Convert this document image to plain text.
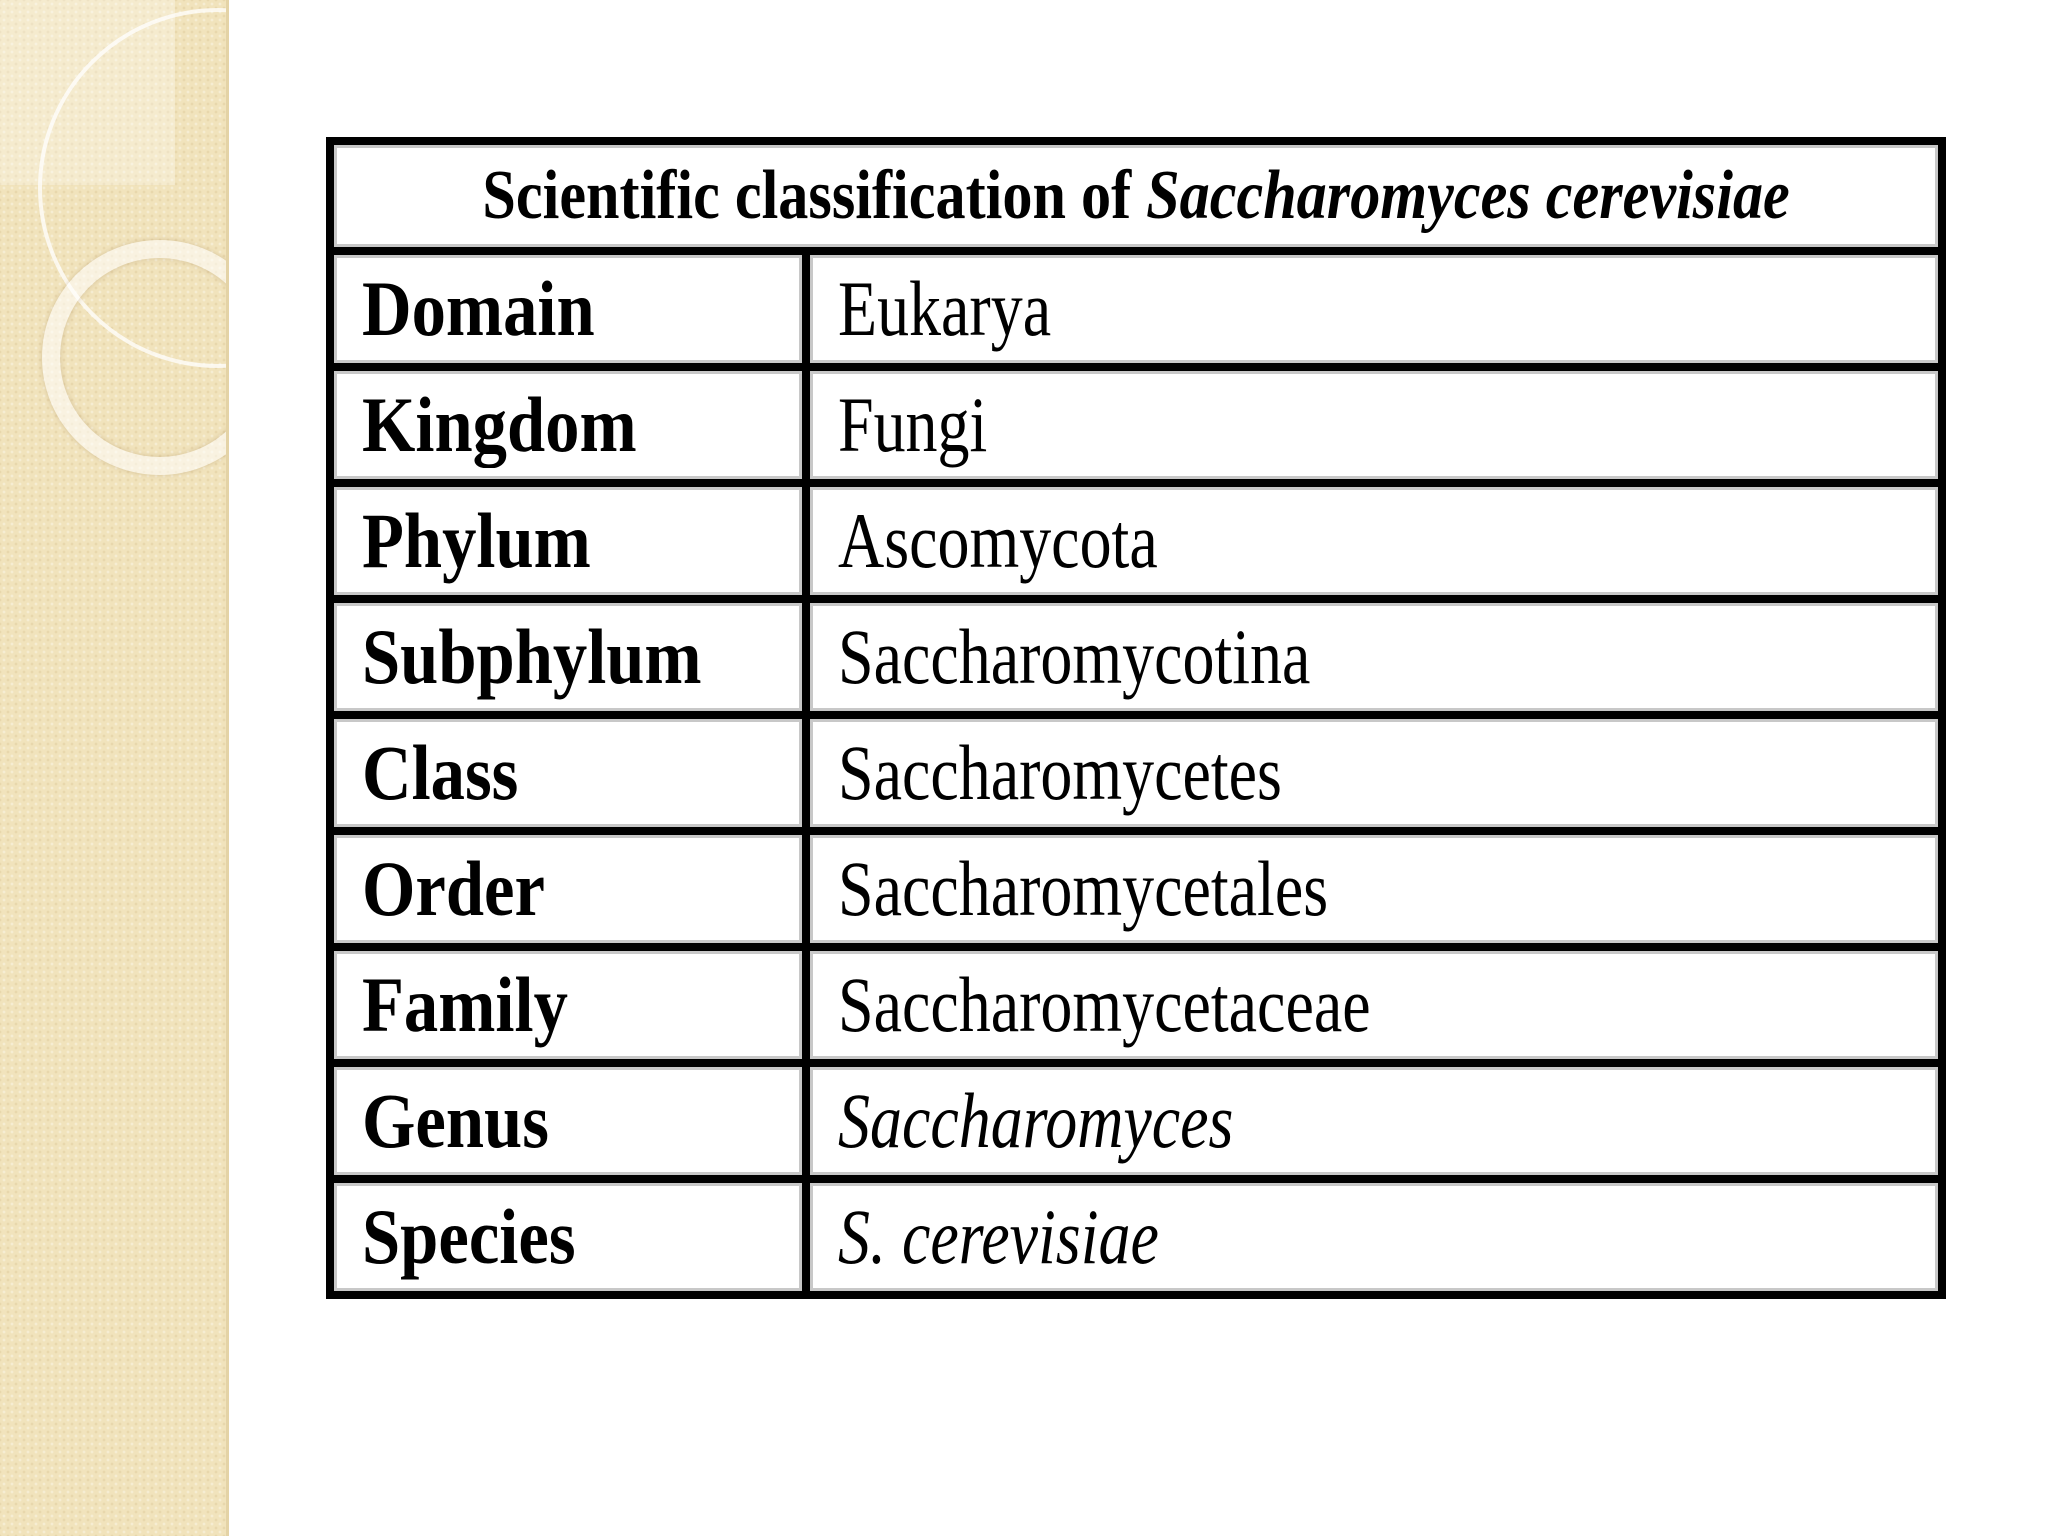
Scientific classification of Saccharomyces cerevisiae	
Domain	Eukarya
Kingdom	Fungi
Phylum	Ascomycota
Subphylum	Saccharomycotina
Class	Saccharomycetes
Order	Saccharomycetales
Family	Saccharomycetaceae
Genus	Saccharomyces
Species	S. cerevisiae
